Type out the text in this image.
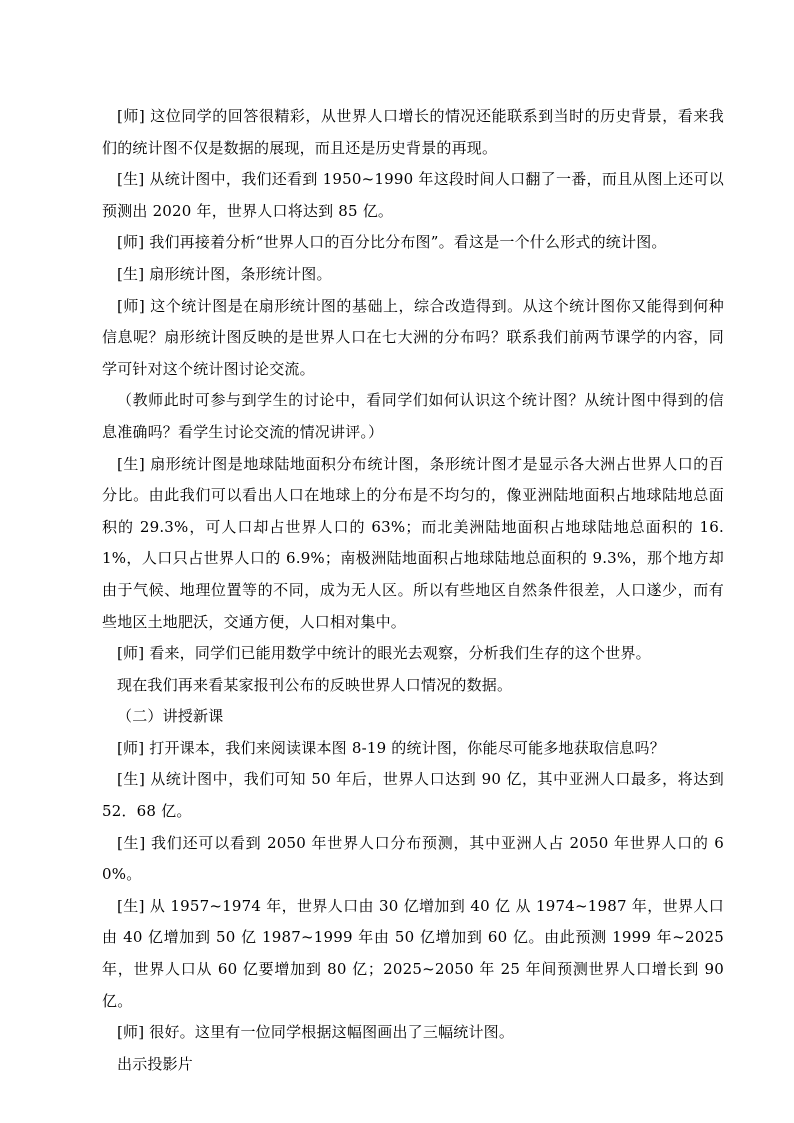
[师] 这位同学的回答很精彩，从世界人口增长的情况还能联系到当时的历史背景，看来我们的统计图不仅是数据的展现，而且还是历史背景的再现。

[生] 从统计图中，我们还看到 1950~1990 年这段时间人口翻了一番，而且从图上还可以预测出 2020 年，世界人口将达到 85 亿。

[师] 我们再接着分析“世界人口的百分比分布图”。看这是一个什么形式的统计图。

[生] 扇形统计图，条形统计图。

[师] 这个统计图是在扇形统计图的基础上，综合改造得到。从这个统计图你又能得到何种信息呢？扇形统计图反映的是世界人口在七大洲的分布吗？联系我们前两节课学的内容，同学可针对这个统计图讨论交流。

（教师此时可参与到学生的讨论中，看同学们如何认识这个统计图？从统计图中得到的信息准确吗？看学生讨论交流的情况讲评。）

[生] 扇形统计图是地球陆地面积分布统计图，条形统计图才是显示各大洲占世界人口的百分比。由此我们可以看出人口在地球上的分布是不均匀的，像亚洲陆地面积占地球陆地总面积的 29.3%，可人口却占世界人口的 63%；而北美洲陆地面积占地球陆地总面积的 16.1%，人口只占世界人口的 6.9%；南极洲陆地面积占地球陆地总面积的 9.3%，那个地方却由于气候、地理位置等的不同，成为无人区。所以有些地区自然条件很差，人口遂少，而有些地区土地肥沃，交通方便，人口相对集中。

[师] 看来，同学们已能用数学中统计的眼光去观察，分析我们生存的这个世界。

现在我们再来看某家报刊公布的反映世界人口情况的数据。

（二）讲授新课

[师] 打开课本，我们来阅读课本图 8-19 的统计图，你能尽可能多地获取信息吗？

[生] 从统计图中，我们可知 50 年后，世界人口达到 90 亿，其中亚洲人口最多，将达到 52．68 亿。

[生] 我们还可以看到 2050 年世界人口分布预测，其中亚洲人占 2050 年世界人口的 60%。

[生] 从 1957~1974 年，世界人口由 30 亿增加到 40 亿 从 1974~1987 年，世界人口由 40 亿增加到 50 亿 1987~1999 年由 50 亿增加到 60 亿。由此预测 1999 年~2025 年，世界人口从 60 亿要增加到 80 亿；2025~2050 年 25 年间预测世界人口增长到 90 亿。

[师] 很好。这里有一位同学根据这幅图画出了三幅统计图。

出示投影片
